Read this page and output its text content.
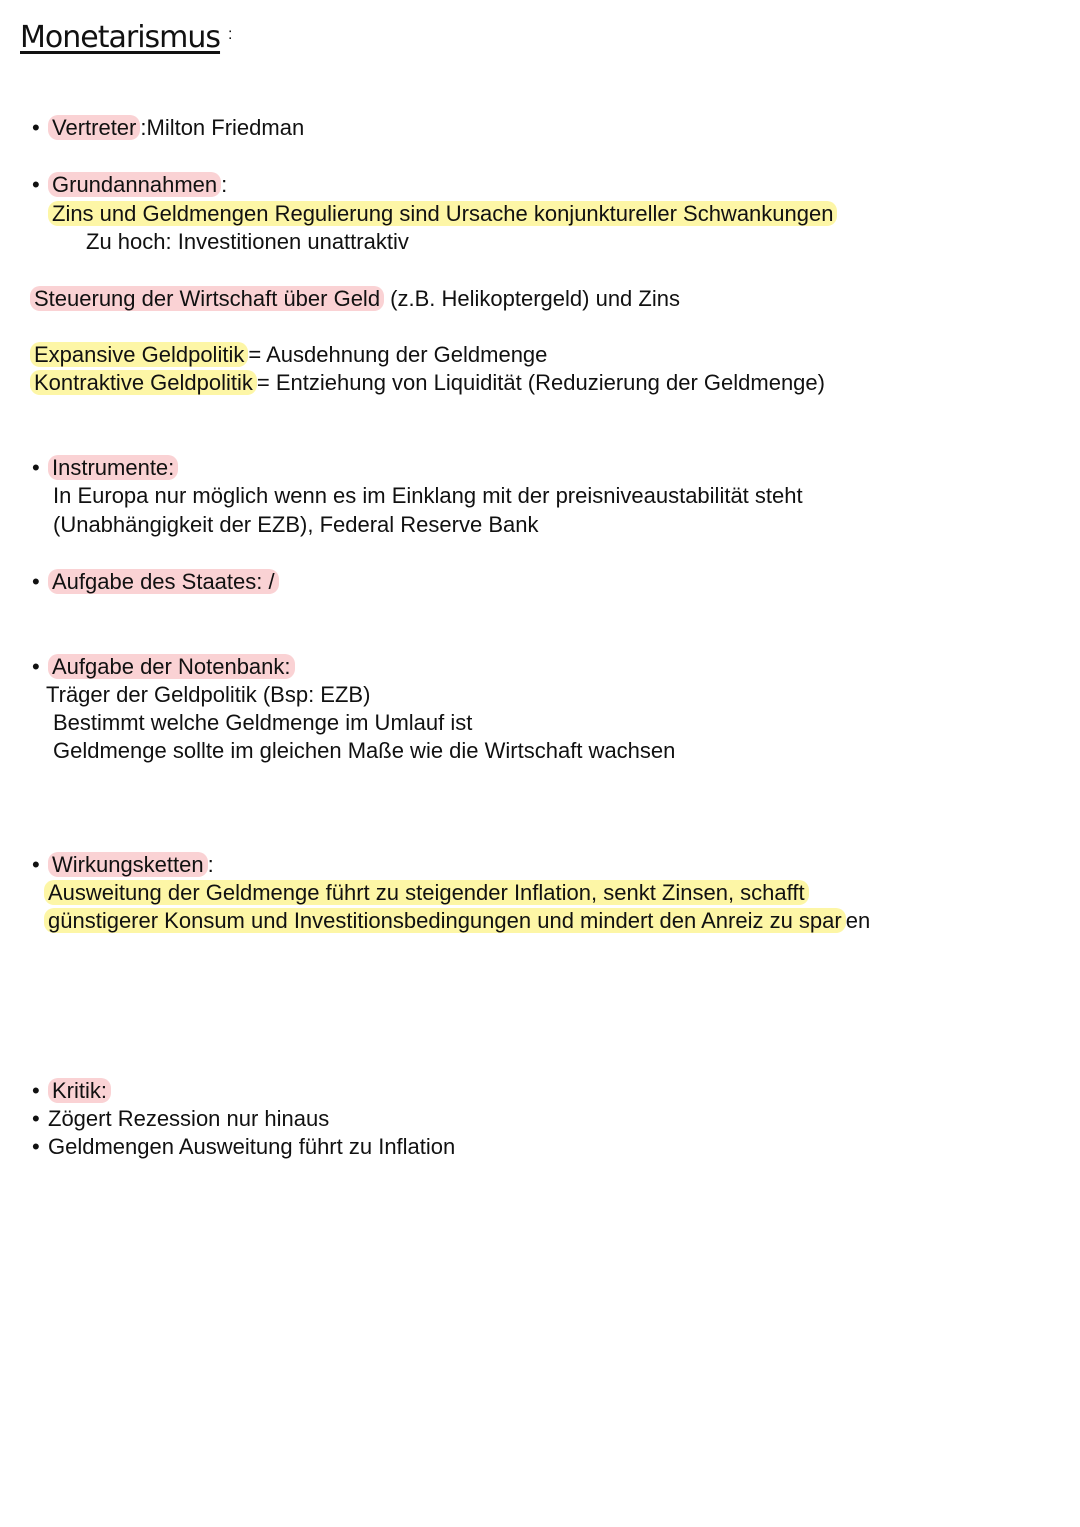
Monetarismus :
• Vertreter :Milton Friedman
• Grundannahmen :
Zins und Geldmengen Regulierung sind Ursache konjunktureller Schwankungen
Zu hoch: Investitionen unattraktiv
Steuerung der Wirtschaft über Geld (z.B. Helikoptergeld) und Zins
Expansive Geldpolitik = Ausdehnung der Geldmenge
Kontraktive Geldpolitik = Entziehung von Liquidität (Reduzierung der Geldmenge)
• Instrumente:
In Europa nur möglich wenn es im Einklang mit der preisniveaustabilität steht
(Unabhängigkeit der EZB), Federal Reserve Bank
• Aufgabe des Staates: /
• Aufgabe der Notenbank:
Träger der Geldpolitik (Bsp: EZB)
Bestimmt welche Geldmenge im Umlauf ist
Geldmenge sollte im gleichen Maße wie die Wirtschaft wachsen
• Wirkungsketten :
Ausweitung der Geldmenge führt zu steigender Inflation, senkt Zinsen, schafft
günstigerer Konsum und Investitionsbedingungen und mindert den Anreiz zu spar en
• Kritik:
• Zögert Rezession nur hinaus
• Geldmengen Ausweitung führt zu Inflation
